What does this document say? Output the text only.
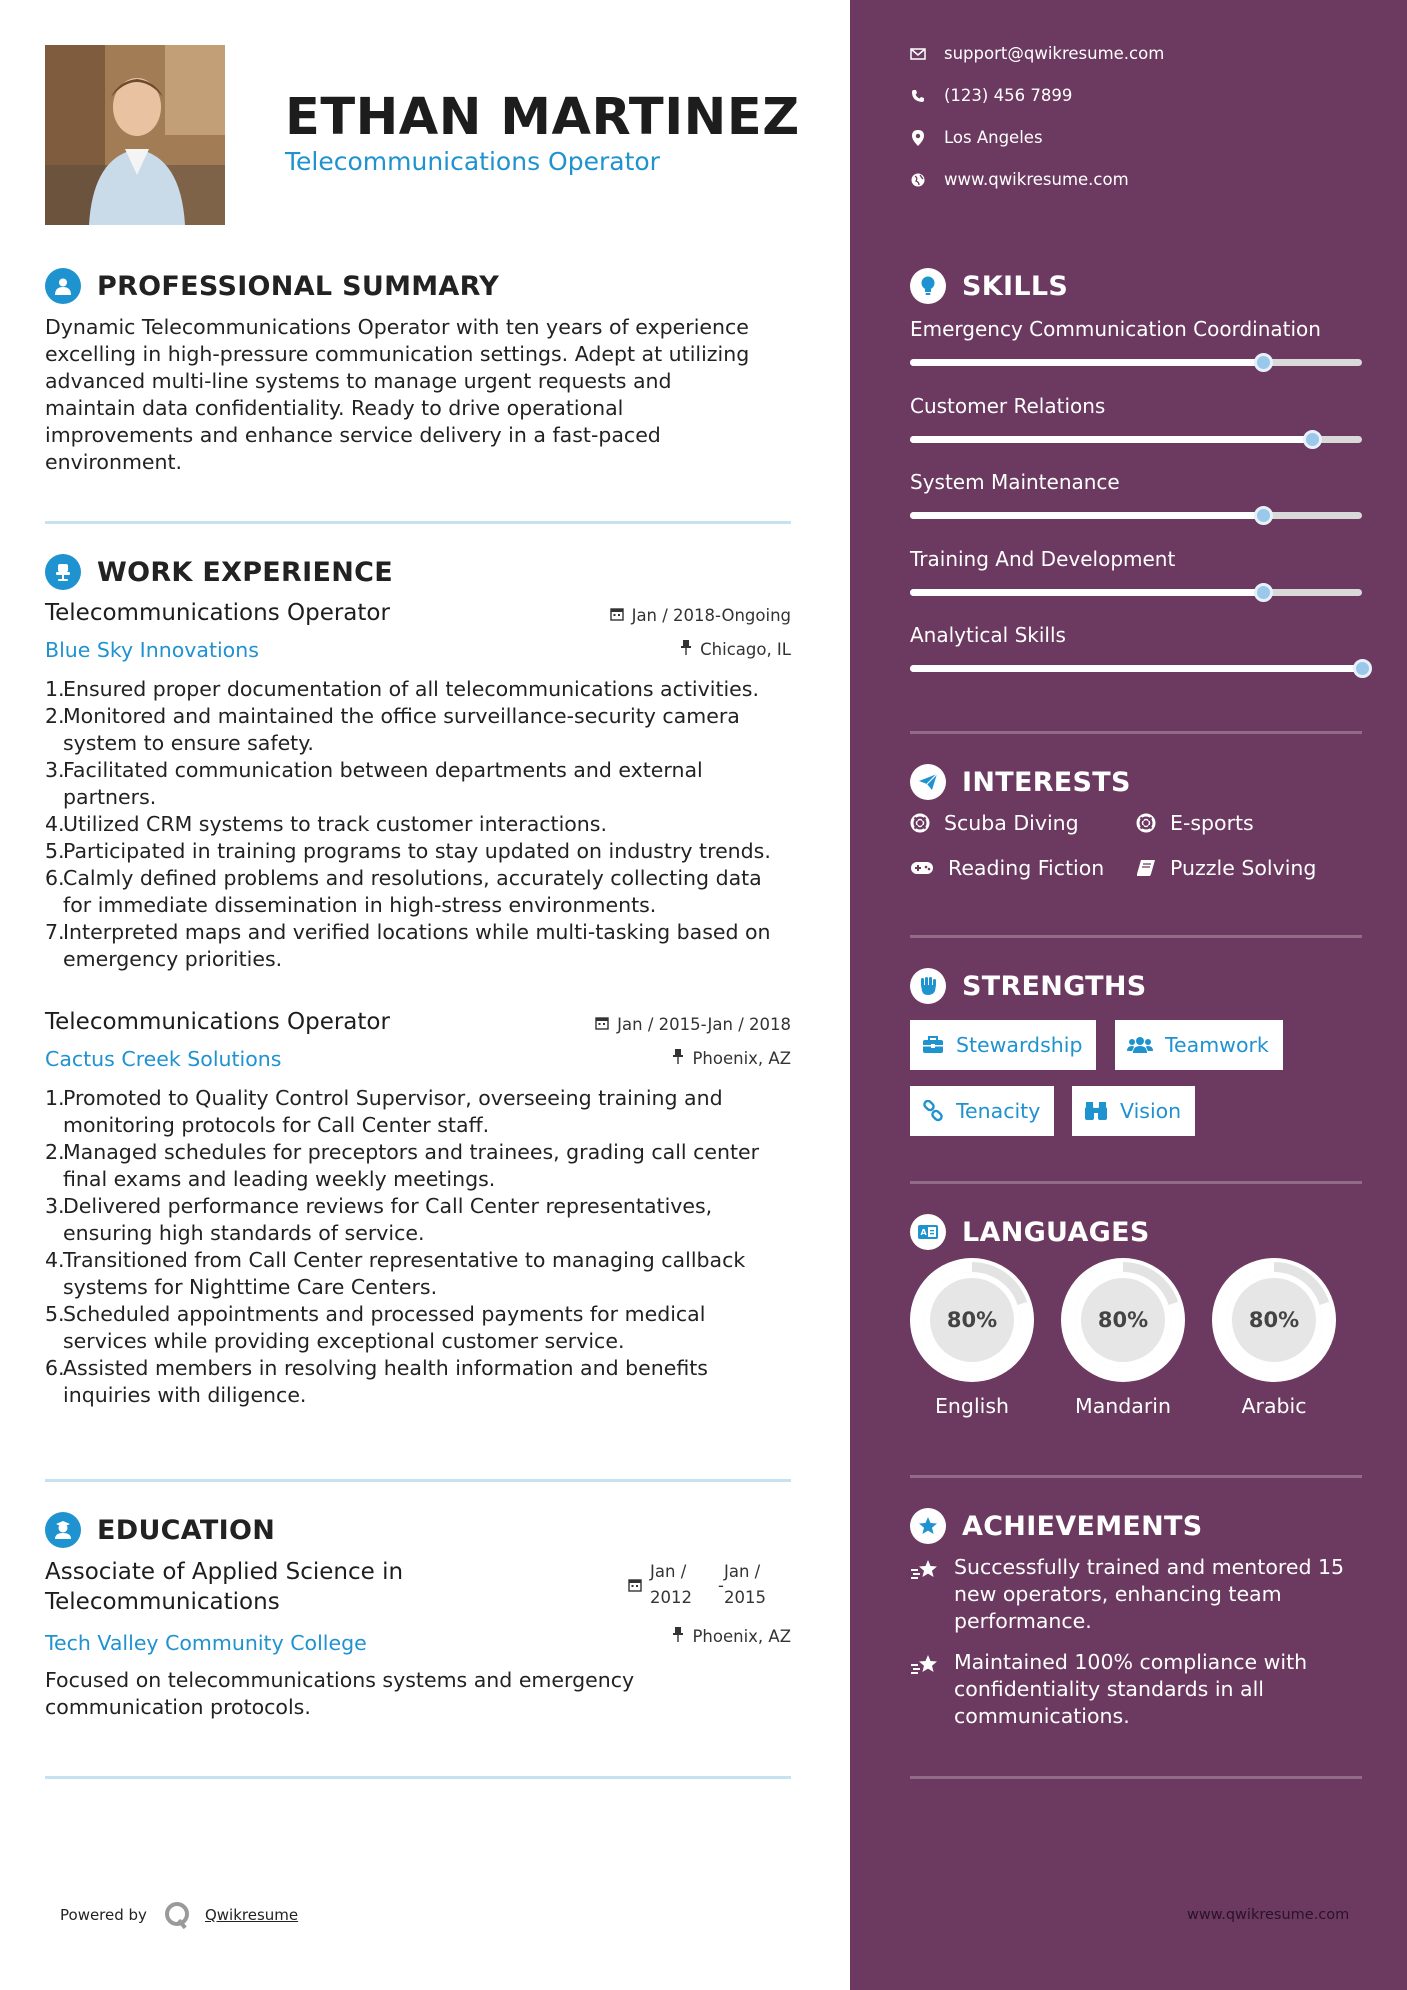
ETHAN MARTINEZ
Telecommunications Operator
PROFESSIONAL SUMMARY
Dynamic Telecommunications Operator with ten years of experience
excelling in high-pressure communication settings. Adept at utilizing
advanced multi-line systems to manage urgent requests and
maintain data confidentiality. Ready to drive operational
improvements and enhance service delivery in a fast-paced
environment.
WORK EXPERIENCE
Telecommunications Operator
Blue Sky Innovations
Jan / 2018-Ongoing
Chicago, IL
1.
Ensured proper documentation of all telecommunications activities.
2.
Monitored and maintained the office surveillance-security camera
system to ensure safety.
3.
Facilitated communication between departments and external
partners.
4.
Utilized CRM systems to track customer interactions.
5.
Participated in training programs to stay updated on industry trends.
6.
Calmly defined problems and resolutions, accurately collecting data
for immediate dissemination in high-stress environments.
7.
Interpreted maps and verified locations while multi-tasking based on
emergency priorities.
Telecommunications Operator
Cactus Creek Solutions
Jan / 2015-Jan / 2018
Phoenix, AZ
1.
Promoted to Quality Control Supervisor, overseeing training and
monitoring protocols for Call Center staff.
2.
Managed schedules for preceptors and trainees, grading call center
final exams and leading weekly meetings.
3.
Delivered performance reviews for Call Center representatives,
ensuring high standards of service.
4.
Transitioned from Call Center representative to managing callback
systems for Nighttime Care Centers.
5.
Scheduled appointments and processed payments for medical
services while providing exceptional customer service.
6.
Assisted members in resolving health information and benefits
inquiries with diligence.
EDUCATION
Associate of Applied Science in
Telecommunications
Tech Valley Community College
Focused on telecommunications systems and emergency
communication protocols.
Jan /
2012
-
Jan /
2015
Phoenix, AZ
Powered by	Qwikresume
support@qwikresume.com
(123) 456 7899
Los Angeles
www.qwikresume.com
SKILLS
Emergency Communication Coordination
Customer Relations
System Maintenance
Training And Development
Analytical Skills
INTERESTS
Scuba Diving	E-sports
Reading Fiction	Puzzle Solving
STRENGTHS
Stewardship	Teamwork
Tenacity	Vision
A LANGUAGES
80%
English
80%
Mandarin
80%
Arabic
ACHIEVEMENTS
Successfully trained and mentored 15
new operators, enhancing team
performance.
Maintained 100% compliance with
confidentiality standards in all
communications.
www.qwikresume.com
